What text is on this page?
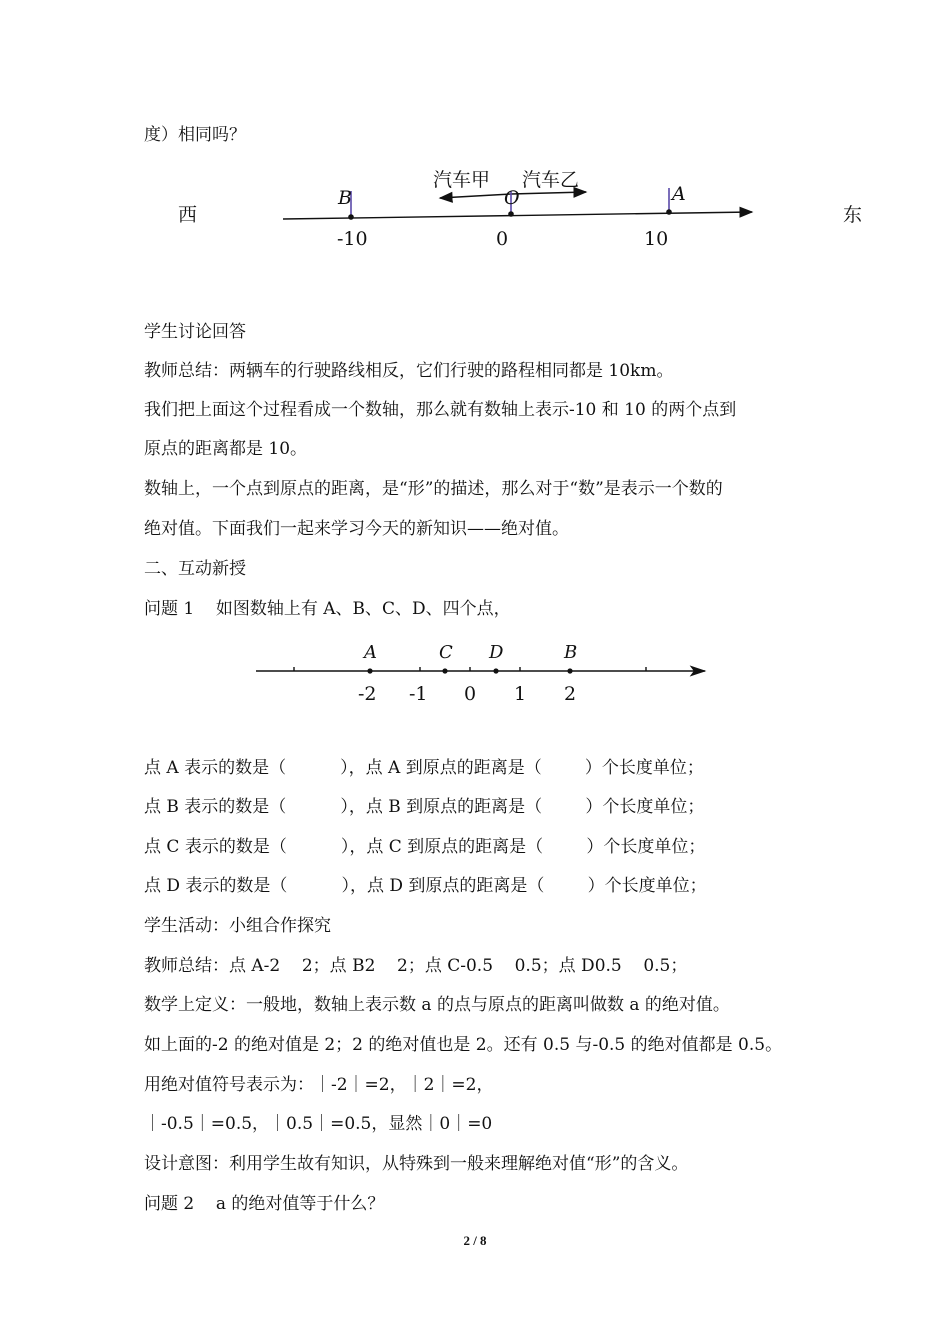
度）相同吗？
西	东
汽车甲 汽车乙
B	O	A
-10	0	10
学生讨论回答
教师总结：两辆车的行驶路线相反，它们行驶的路程相同都是 10km。
我们把上面这个过程看成一个数轴，那么就有数轴上表示-10 和 10 的两个点到
原点的距离都是 10。
数轴上，一个点到原点的距离，是“形”的描述，那么对于“数”是表示一个数的
绝对值。下面我们一起来学习今天的新知识——绝对值。
二、互动新授
问题 1    如图数轴上有 A、B、C、D、四个点，
A	C D	B
-2 -1 0 1 2
点 A 表示的数是（          ），点 A 到原点的距离是（        ）个长度单位；
点 B 表示的数是（          ），点 B 到原点的距离是（        ）个长度单位；
点 C 表示的数是（          ），点 C 到原点的距离是（        ）个长度单位；
点 D 表示的数是（          ），点 D 到原点的距离是（        ）个长度单位；
学生活动：小组合作探究
教师总结：点 A-2    2；点 B2    2；点 C-0.5    0.5；点 D0.5    0.5；
数学上定义：一般地，数轴上表示数 a 的点与原点的距离叫做数 a 的绝对值。
如上面的-2 的绝对值是 2；2 的绝对值也是 2。还有 0.5 与-0.5 的绝对值都是 0.5。
用绝对值符号表示为：｜-2｜=2，｜2｜=2，
｜-0.5｜=0.5，｜0.5｜=0.5，显然｜0｜=0
设计意图：利用学生故有知识，从特殊到一般来理解绝对值“形”的含义。
问题 2    a 的绝对值等于什么？
2 / 8
